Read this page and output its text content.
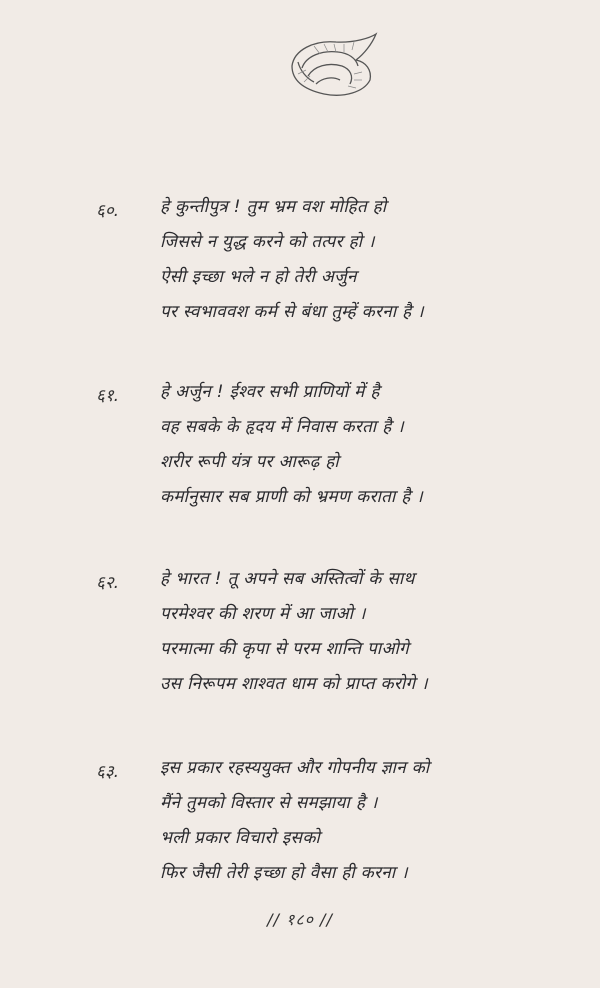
६०. हे कुन्तीपुत्र ! तुम भ्रम वश मोहित हो
जिससे न युद्ध करने को तत्पर हो ।
ऐसी इच्छा भले न हो तेरी अर्जुन
पर स्वभाववश कर्म से बंधा तुम्हें करना है ।
६१. हे अर्जुन ! ईश्वर सभी प्राणियों में है
वह सबके के हृदय में निवास करता है ।
शरीर रूपी यंत्र पर आरूढ़ हो
कर्मानुसार सब प्राणी को भ्रमण कराता है ।
६२. हे भारत ! तू अपने सब अस्तित्वों के साथ
परमेश्वर की शरण में आ जाओ ।
परमात्मा की कृपा से परम शान्ति पाओगे
उस निरूपम शाश्वत धाम को प्राप्त करोगे ।
६३. इस प्रकार रहस्ययुक्त और गोपनीय ज्ञान को
मैंने तुमको विस्तार से समझाया है ।
भली प्रकार विचारो इसको
फिर जैसी तेरी इच्छा हो वैसा ही करना ।
// १८० //
